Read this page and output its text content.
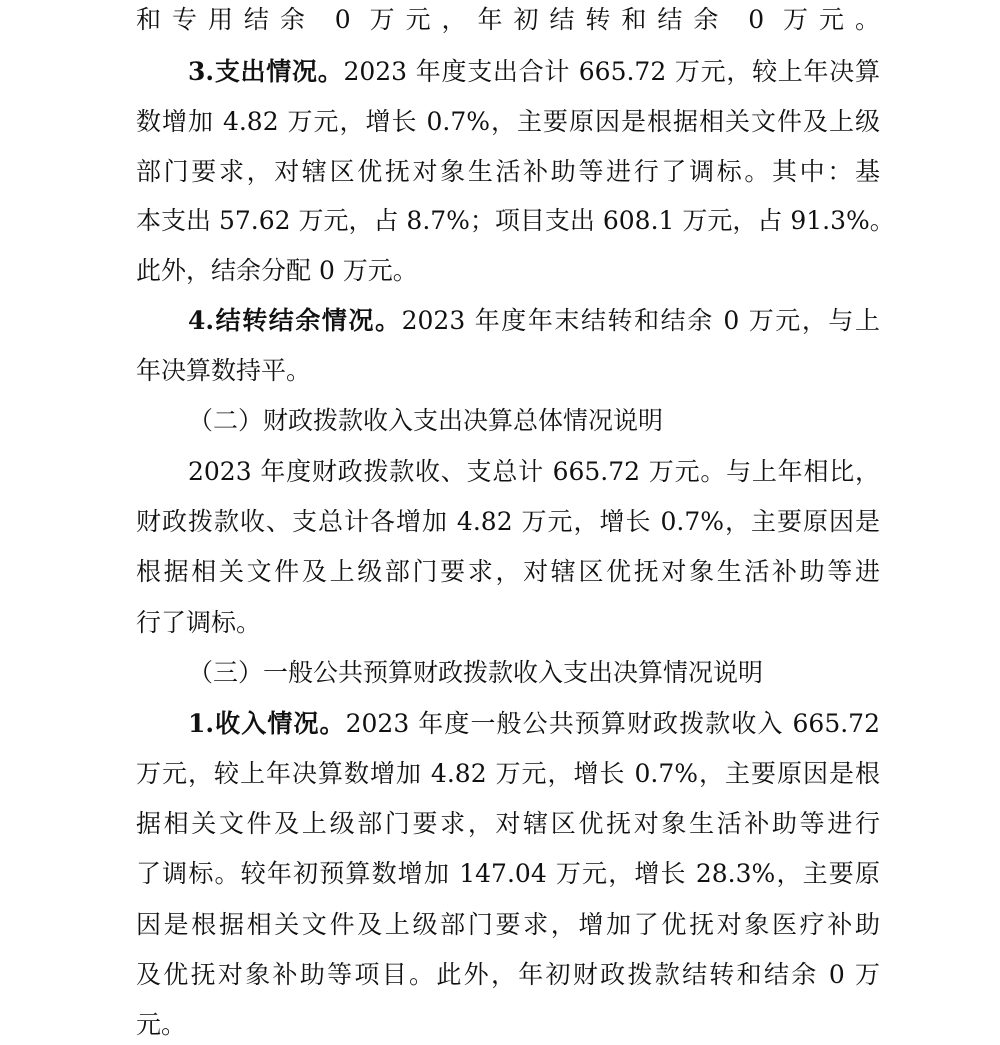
和专用结余 0 万元，年初结转和结余 0 万元。
3.支出情况。2023 年度支出合计 665.72 万元，较上年决算
数增加 4.82 万元，增长 0.7%，主要原因是根据相关文件及上级
部门要求，对辖区优抚对象生活补助等进行了调标。其中：基
本支出 57.62 万元，占 8.7%；项目支出 608.1 万元，占 91.3%。
此外，结余分配 0 万元。
4.结转结余情况。2023 年度年末结转和结余 0 万元，与上
年决算数持平。
（二）财政拨款收入支出决算总体情况说明
2023 年度财政拨款收、支总计 665.72 万元。与上年相比，
财政拨款收、支总计各增加 4.82 万元，增长 0.7%，主要原因是
根据相关文件及上级部门要求，对辖区优抚对象生活补助等进
行了调标。
（三）一般公共预算财政拨款收入支出决算情况说明
1.收入情况。2023 年度一般公共预算财政拨款收入 665.72
万元，较上年决算数增加 4.82 万元，增长 0.7%，主要原因是根
据相关文件及上级部门要求，对辖区优抚对象生活补助等进行
了调标。较年初预算数增加 147.04 万元，增长 28.3%，主要原
因是根据相关文件及上级部门要求，增加了优抚对象医疗补助
及优抚对象补助等项目。此外，年初财政拨款结转和结余 0 万
元。
